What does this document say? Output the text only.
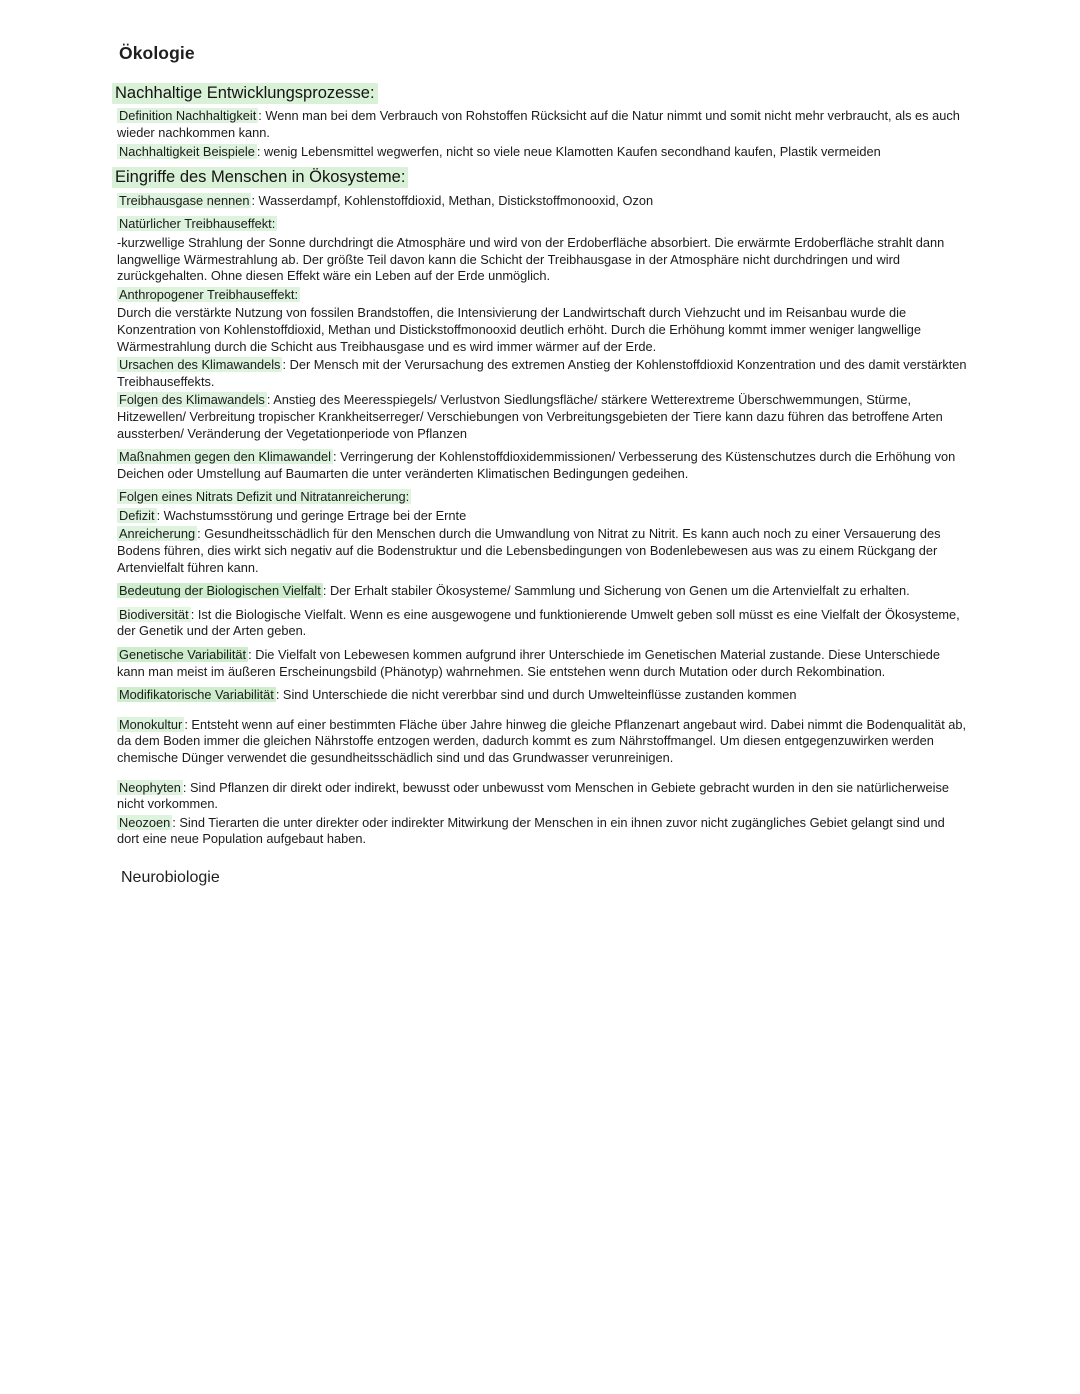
Ökologie
Nachhaltige Entwicklungsprozesse:

Definition Nachhaltigkeit : Wenn man bei dem Verbrauch von Rohstoffen Rücksicht auf die Natur nimmt und somit nicht mehr verbraucht, als es auch wieder nachkommen kann.

Nachhaltigkeit Beispiele : wenig Lebensmittel wegwerfen, nicht so viele neue Klamotten Kaufen secondhand kaufen, Plastik vermeiden

Eingriffe des Menschen in Ökosysteme:

Treibhausgase nennen : Wasserdampf, Kohlenstoffdioxid, Methan, Distickstoffmonooxid, Ozon

Natürlicher Treibhauseffekt:

-kurzwellige Strahlung der Sonne durchdringt die Atmosphäre und wird von der Erdoberfläche absorbiert. Die erwärmte Erdoberfläche strahlt dann langwellige Wärmestrahlung ab. Der größte Teil davon kann die Schicht der Treibhausgase in der Atmosphäre nicht durchdringen und wird zurückgehalten. Ohne diesen Effekt wäre ein Leben auf der Erde unmöglich.

Anthropogener Treibhauseffekt:

Durch die verstärkte Nutzung von fossilen Brandstoffen, die Intensivierung der Landwirtschaft durch Viehzucht und im Reisanbau wurde die Konzentration von Kohlenstoffdioxid, Methan und Distickstoffmonooxid deutlich erhöht. Durch die Erhöhung kommt immer weniger langwellige Wärmestrahlung durch die Schicht aus Treibhausgase und es wird immer wärmer auf der Erde.

Ursachen des Klimawandels : Der Mensch mit der Verursachung des extremen Anstieg der Kohlenstoffdioxid Konzentration und des damit verstärkten Treibhauseffekts.

Folgen des Klimawandels : Anstieg des Meeresspiegels/ Verlustvon Siedlungsfläche/ stärkere Wetterextreme Überschwemmungen, Stürme, Hitzewellen/ Verbreitung tropischer Krankheitserreger/ Verschiebungen von Verbreitungsgebieten der Tiere kann dazu führen das betroffene Arten aussterben/ Veränderung der Vegetationperiode von Pflanzen

Maßnahmen gegen den Klimawandel : Verringerung der Kohlenstoffdioxidemmissionen/ Verbesserung des Küstenschutzes durch die Erhöhung von Deichen oder Umstellung auf Baumarten die unter veränderten Klimatischen Bedingungen gedeihen.

Folgen eines Nitrats Defizit und Nitratanreicherung:

Defizit : Wachstumsstörung und geringe Ertrage bei der Ernte

Anreicherung : Gesundheitsschädlich für den Menschen durch die Umwandlung von Nitrat zu Nitrit. Es kann auch noch zu einer Versauerung des Bodens führen, dies wirkt sich negativ auf die Bodenstruktur und die Lebensbedingungen von Bodenlebewesen aus was zu einem Rückgang der Artenvielfalt führen kann.

Bedeutung der Biologischen Vielfalt : Der Erhalt stabiler Ökosysteme/ Sammlung und Sicherung von Genen um die Artenvielfalt zu erhalten.

Biodiversität : Ist die Biologische Vielfalt. Wenn es eine ausgewogene und funktionierende Umwelt geben soll müsst es eine Vielfalt der Ökosysteme, der Genetik und der Arten geben.

Genetische Variabilität : Die Vielfalt von Lebewesen kommen aufgrund ihrer Unterschiede im Genetischen Material zustande. Diese Unterschiede kann man meist im äußeren Erscheinungsbild (Phänotyp) wahrnehmen. Sie entstehen wenn durch Mutation oder durch Rekombination.

Modifikatorische Variabilität : Sind Unterschiede die nicht vererbbar sind und durch Umwelteinflüsse zustanden kommen

Monokultur : Entsteht wenn auf einer bestimmten Fläche über Jahre hinweg die gleiche Pflanzenart angebaut wird. Dabei nimmt die Bodenqualität ab, da dem Boden immer die gleichen Nährstoffe entzogen werden, dadurch kommt es zum Nährstoffmangel. Um diesen entgegenzuwirken werden chemische Dünger verwendet die gesundheitsschädlich sind und das Grundwasser verunreinigen.

Neophyten : Sind Pflanzen dir direkt oder indirekt, bewusst oder unbewusst vom Menschen in Gebiete gebracht wurden in den sie natürlicherweise nicht vorkommen.

Neozoen : Sind Tierarten die unter direkter oder indirekter Mitwirkung der Menschen in ein ihnen zuvor nicht zugängliches Gebiet gelangt sind und dort eine neue Population aufgebaut haben.

Neurobiologie
